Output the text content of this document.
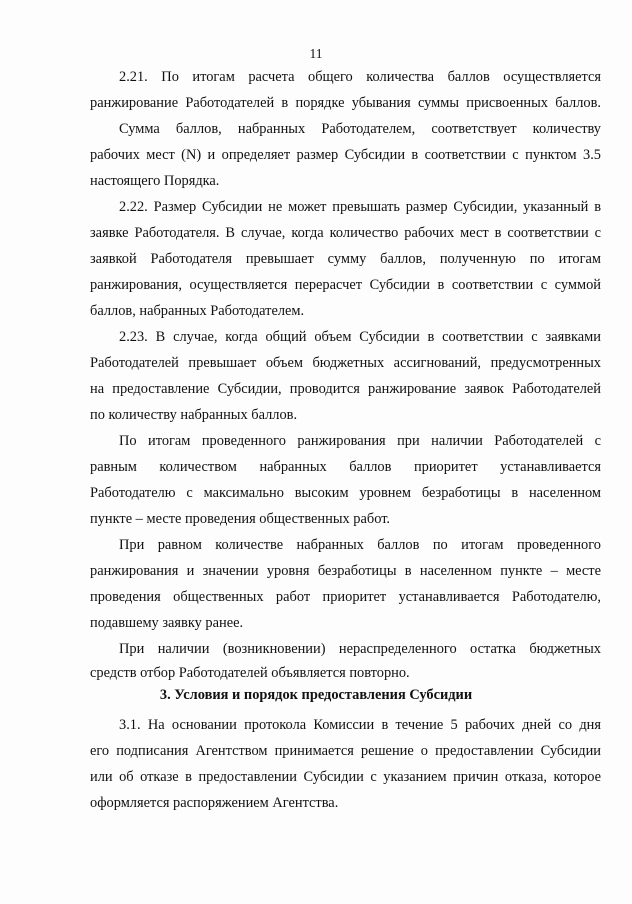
11
2.21. По итогам расчета общего количества баллов осуществляется
ранжирование Работодателей в порядке убывания суммы присвоенных баллов.
Сумма баллов, набранных Работодателем, соответствует количеству
рабочих мест (N) и определяет размер Субсидии в соответствии с пунктом 3.5
настоящего Порядка.
2.22. Размер Субсидии не может превышать размер Субсидии, указанный в
заявке Работодателя. В случае, когда количество рабочих мест в соответствии с
заявкой Работодателя превышает сумму баллов, полученную по итогам
ранжирования, осуществляется перерасчет Субсидии в соответствии с суммой
баллов, набранных Работодателем.
2.23. В случае, когда общий объем Субсидии в соответствии с заявками
Работодателей превышает объем бюджетных ассигнований, предусмотренных
на предоставление Субсидии, проводится ранжирование заявок Работодателей
по количеству набранных баллов.
По итогам проведенного ранжирования при наличии Работодателей с
равным количеством набранных баллов приоритет устанавливается
Работодателю с максимально высоким уровнем безработицы в населенном
пункте – месте проведения общественных работ.
При равном количестве набранных баллов по итогам проведенного
ранжирования и значении уровня безработицы в населенном пункте – месте
проведения общественных работ приоритет устанавливается Работодателю,
подавшему заявку ранее.
При наличии (возникновении) нераспределенного остатка бюджетных
средств отбор Работодателей объявляется повторно.
3. Условия и порядок предоставления Субсидии
3.1. На основании протокола Комиссии в течение 5 рабочих дней со дня
его подписания Агентством принимается решение о предоставлении Субсидии
или об отказе в предоставлении Субсидии с указанием причин отказа, которое
оформляется распоряжением Агентства.
